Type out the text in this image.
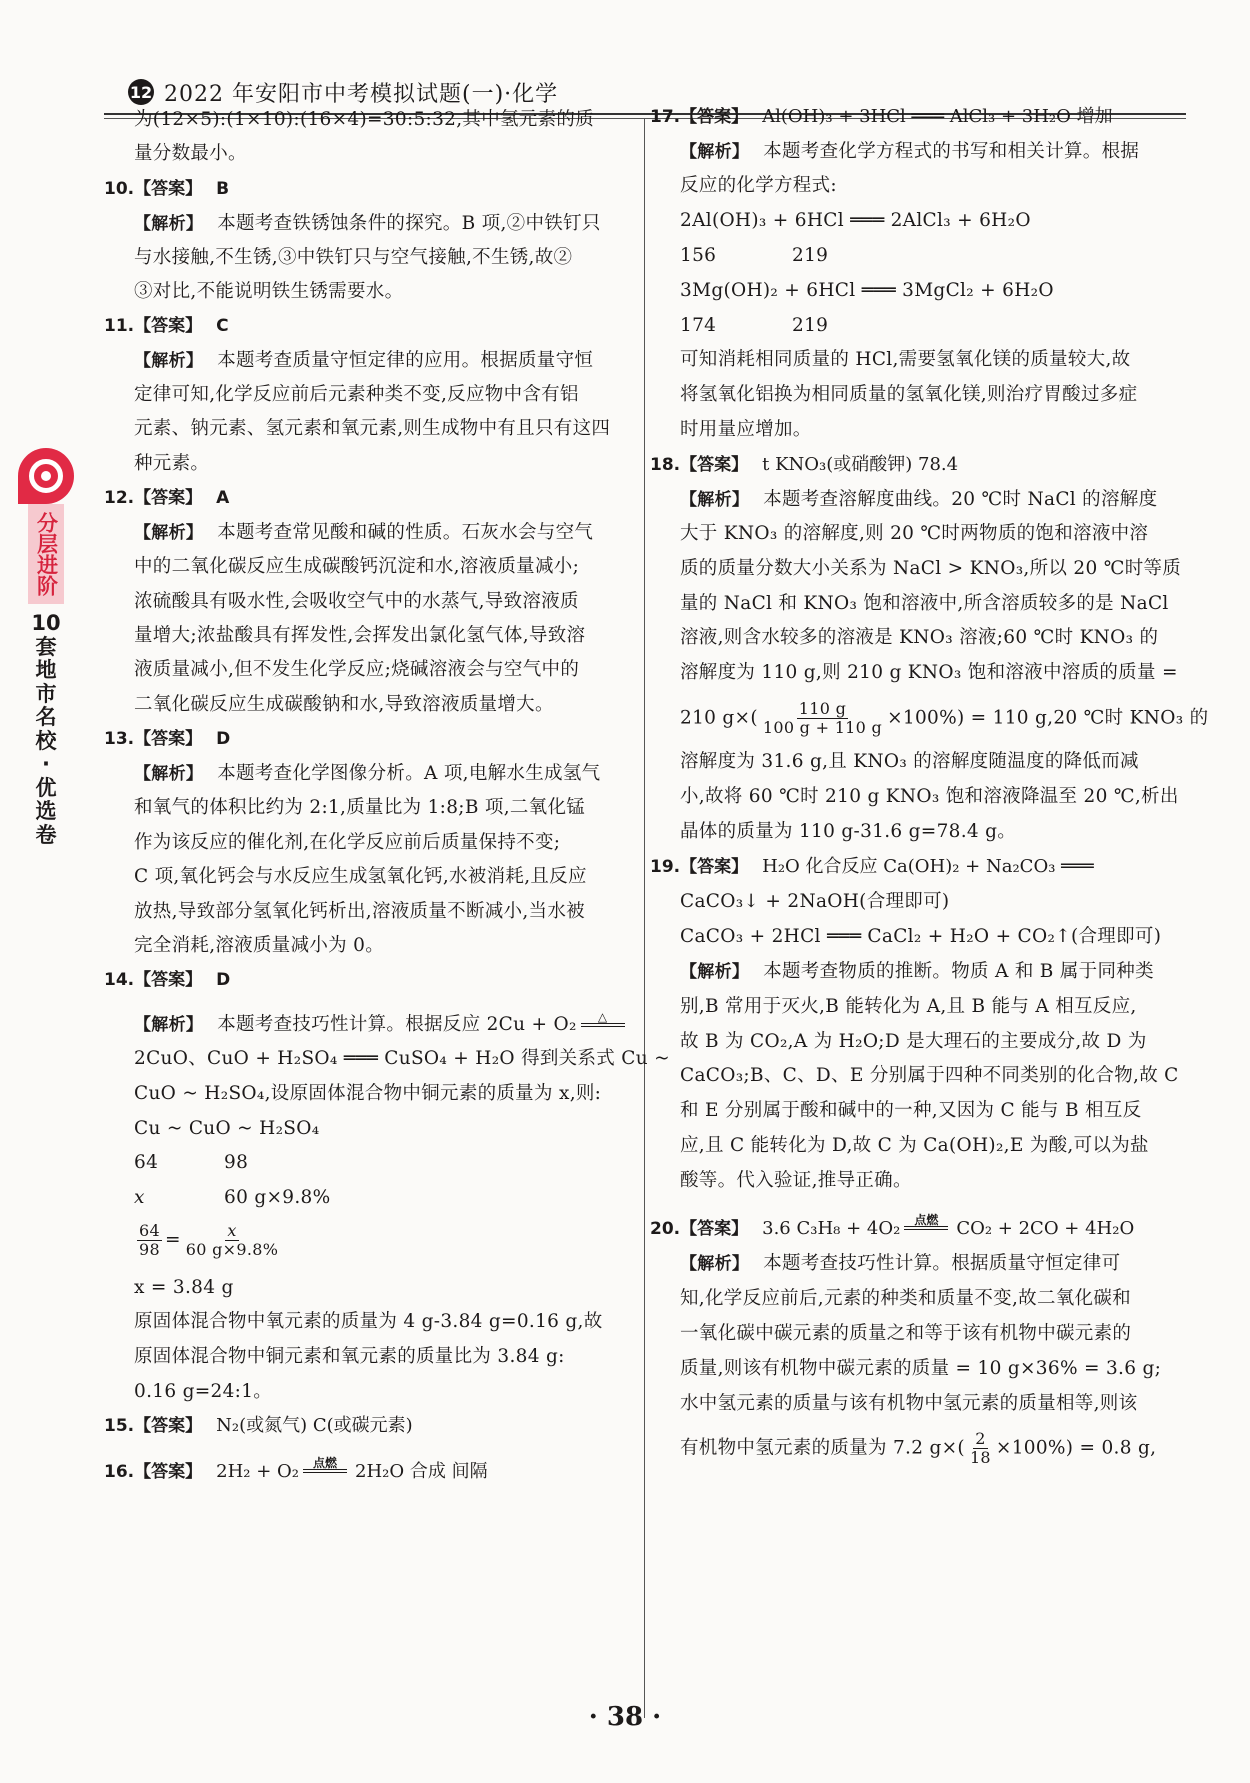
12 2022 年安阳市中考模拟试题(一)·化学
分层进阶
10
套
地
市
名
校
·
优
选
卷
为(12×5):(1×10):(16×4)=30:5:32,其中氢元素的质
量分数最小。
10.【答案】 B
【解析】 本题考查铁锈蚀条件的探究。B 项,②中铁钉只
与水接触,不生锈,③中铁钉只与空气接触,不生锈,故②
③对比,不能说明铁生锈需要水。
11.【答案】 C
【解析】 本题考查质量守恒定律的应用。根据质量守恒
定律可知,化学反应前后元素种类不变,反应物中含有铝
元素、钠元素、氢元素和氧元素,则生成物中有且只有这四
种元素。
12.【答案】 A
【解析】 本题考查常见酸和碱的性质。石灰水会与空气
中的二氧化碳反应生成碳酸钙沉淀和水,溶液质量减小;
浓硫酸具有吸水性,会吸收空气中的水蒸气,导致溶液质
量增大;浓盐酸具有挥发性,会挥发出氯化氢气体,导致溶
液质量减小,但不发生化学反应;烧碱溶液会与空气中的
二氧化碳反应生成碳酸钠和水,导致溶液质量增大。
13.【答案】 D
【解析】 本题考查化学图像分析。A 项,电解水生成氢气
和氧气的体积比约为 2:1,质量比为 1:8;B 项,二氧化锰
作为该反应的催化剂,在化学反应前后质量保持不变;
C 项,氧化钙会与水反应生成氢氧化钙,水被消耗,且反应
放热,导致部分氢氧化钙析出,溶液质量不断减小,当水被
完全消耗,溶液质量减小为 0。
14.【答案】 D
【解析】 本题考查技巧性计算。根据反应 2Cu + O₂ △
2CuO、CuO + H₂SO₄ ═══ CuSO₄ + H₂O 得到关系式 Cu ~
CuO ~ H₂SO₄,设原固体混合物中铜元素的质量为 x,则:
Cu ~ CuO ~ H₂SO₄
64	98
x	60 g×9.8%
$\frac{64}{98} = \frac{x}{60 g\times 9.8\%}$
x = 3.84 g
原固体混合物中氧元素的质量为 4 g-3.84 g=0.16 g,故
原固体混合物中铜元素和氧元素的质量比为 3.84 g:
0.16 g=24:1。
15.【答案】 N₂(或氮气) C(或碳元素)
16.【答案】 2H₂ + O₂ 点燃 2H₂O 合成 间隔
17.【答案】 Al(OH)₃ + 3HCl ═══ AlCl₃ + 3H₂O 增加
【解析】 本题考查化学方程式的书写和相关计算。根据
反应的化学方程式:
2Al(OH)₃ + 6HCl ═══ 2AlCl₃ + 6H₂O
156	219
3Mg(OH)₂ + 6HCl ═══ 3MgCl₂ + 6H₂O
174	219
可知消耗相同质量的 HCl,需要氢氧化镁的质量较大,故
将氢氧化铝换为相同质量的氢氧化镁,则治疗胃酸过多症
时用量应增加。
18.【答案】 t KNO₃(或硝酸钾) 78.4
【解析】 本题考查溶解度曲线。20 ℃时 NaCl 的溶解度
大于 KNO₃ 的溶解度,则 20 ℃时两物质的饱和溶液中溶
质的质量分数大小关系为 NaCl > KNO₃,所以 20 ℃时等质
量的 NaCl 和 KNO₃ 饱和溶液中,所含溶质较多的是 NaCl
溶液,则含水较多的溶液是 KNO₃ 溶液;60 ℃时 KNO₃ 的
溶解度为 110 g,则 210 g KNO₃ 饱和溶液中溶质的质量 =
210 $g\times( \frac{110 g}{100 g + 110 g} \times 100\%) = 110$ g,20 ℃时 KNO₃ 的
溶解度为 31.6 g,且 KNO₃ 的溶解度随温度的降低而减
小,故将 60 ℃时 210 g KNO₃ 饱和溶液降温至 20 ℃,析出
晶体的质量为 110 g-31.6 g=78.4 g。
19.【答案】 H₂O 化合反应 Ca(OH)₂ + Na₂CO₃ ═══
CaCO₃↓ + 2NaOH(合理即可)
CaCO₃ + 2HCl ═══ CaCl₂ + H₂O + CO₂↑(合理即可)
【解析】 本题考查物质的推断。物质 A 和 B 属于同种类
别,B 常用于灭火,B 能转化为 A,且 B 能与 A 相互反应,
故 B 为 CO₂,A 为 H₂O;D 是大理石的主要成分,故 D 为
CaCO₃;B、C、D、E 分别属于四种不同类别的化合物,故 C
和 E 分别属于酸和碱中的一种,又因为 C 能与 B 相互反
应,且 C 能转化为 D,故 C 为 Ca(OH)₂,E 为酸,可以为盐
酸等。代入验证,推导正确。
20.【答案】 3.6 C₃H₈ + 4O₂ 点燃 CO₂ + 2CO + 4H₂O
【解析】 本题考查技巧性计算。根据质量守恒定律可
知,化学反应前后,元素的种类和质量不变,故二氧化碳和
一氧化碳中碳元素的质量之和等于该有机物中碳元素的
质量,则该有机物中碳元素的质量 = 10 g×36% = 3.6 g;
水中氢元素的质量与该有机物中氢元素的质量相等,则该
有机物中氢元素的质量为 7.2 $g\times( \frac{2}{18} \times 100\%) = 0.8$ g,
· 38 ·
